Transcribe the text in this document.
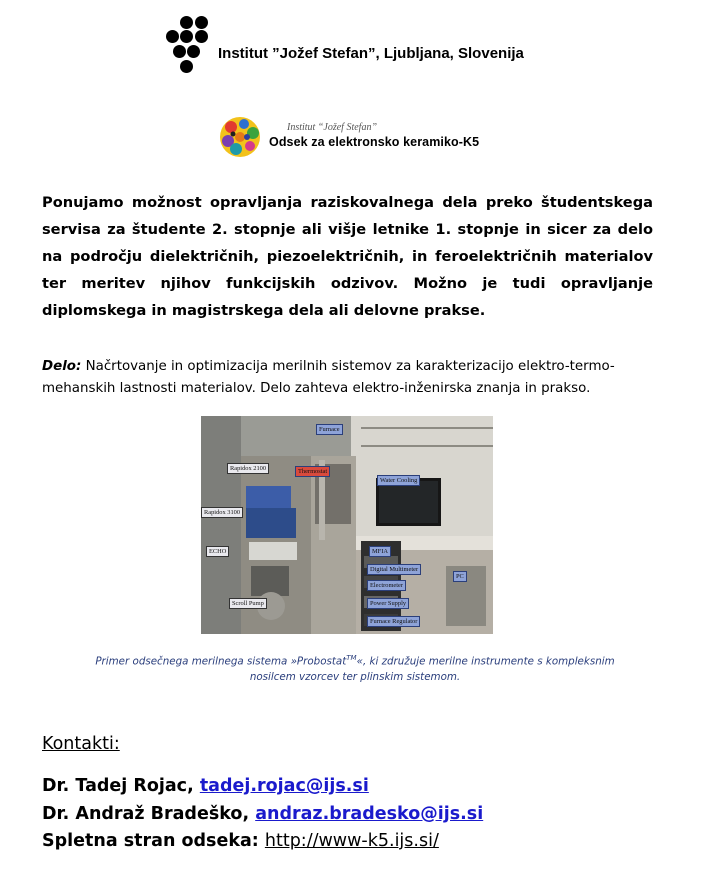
Institut ”Jožef Stefan”, Ljubljana, Slovenija
Institut “Jožef Stefan”
Odsek za elektronsko keramiko-K5

Ponujamo možnost opravljanja raziskovalnega dela preko študentskega servisa za študente 2. stopnje ali višje letnike 1. stopnje in sicer za delo na področju dielektričnih, piezoelektričnih, in feroelektričnih materialov ter meritev njihov funkcijskih odzivov. Možno je tudi opravljanje diplomskega in magistrskega dela ali delovne prakse.

Delo: Načrtovanje in optimizacija merilnih sistemov za karakterizacijo elektro-termo-mehanskih lastnosti materialov. Delo zahteva elektro-inženirska znanja in prakso.

Furnace
Rapidox 2100	Thermostat
Water Cooling
Rapidox 3100
ECHO	MFIA
Digital Multimeter
PC
Electrometer
Power Supply
Scroll Pump
Furnace Regulator

Primer odsečnega merilnega sistema »Probostat™«, ki združuje merilne instrumente s kompleksnim nosilcem vzorcev ter plinskim sistemom.

Kontakti:
Dr. Tadej Rojac, tadej.rojac@ijs.si
Dr. Andraž Bradeško, andraz.bradesko@ijs.si
Spletna stran odseka: http://www-k5.ijs.si/
